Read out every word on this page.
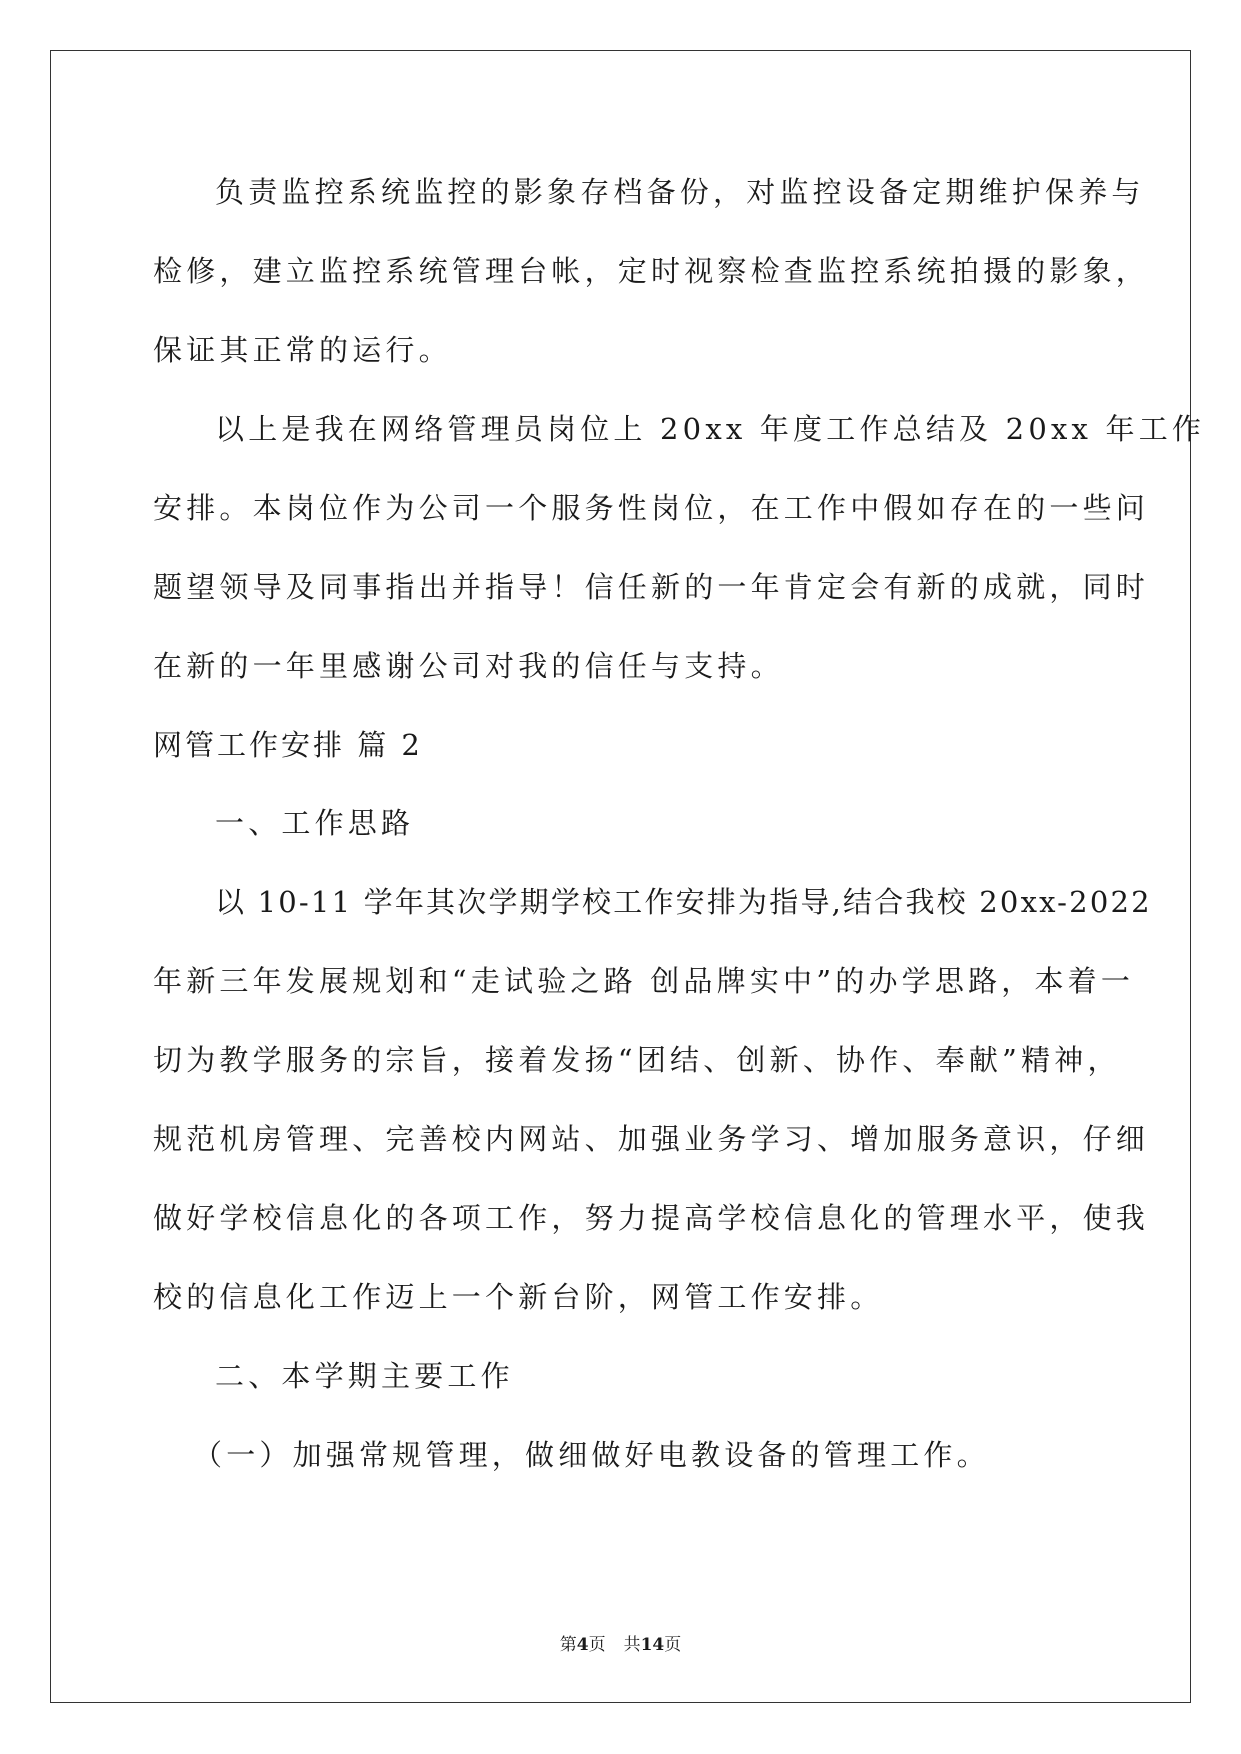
负责监控系统监控的影象存档备份，对监控设备定期维护保养与
检修，建立监控系统管理台帐，定时视察检查监控系统拍摄的影象，
保证其正常的运行。
以上是我在网络管理员岗位上 20xx 年度工作总结及 20xx 年工作
安排。本岗位作为公司一个服务性岗位，在工作中假如存在的一些问
题望领导及同事指出并指导！信任新的一年肯定会有新的成就，同时
在新的一年里感谢公司对我的信任与支持。
网管工作安排 篇 2
一、工作思路
以 10-11 学年其次学期学校工作安排为指导,结合我校 20xx-2022
年新三年发展规划和“走试验之路 创品牌实中”的办学思路，本着一
切为教学服务的宗旨，接着发扬“团结、创新、协作、奉献”精神，
规范机房管理、完善校内网站、加强业务学习、增加服务意识，仔细
做好学校信息化的各项工作，努力提高学校信息化的管理水平，使我
校的信息化工作迈上一个新台阶，网管工作安排。
二、本学期主要工作
（一）加强常规管理，做细做好电教设备的管理工作。
第4页 共14页
